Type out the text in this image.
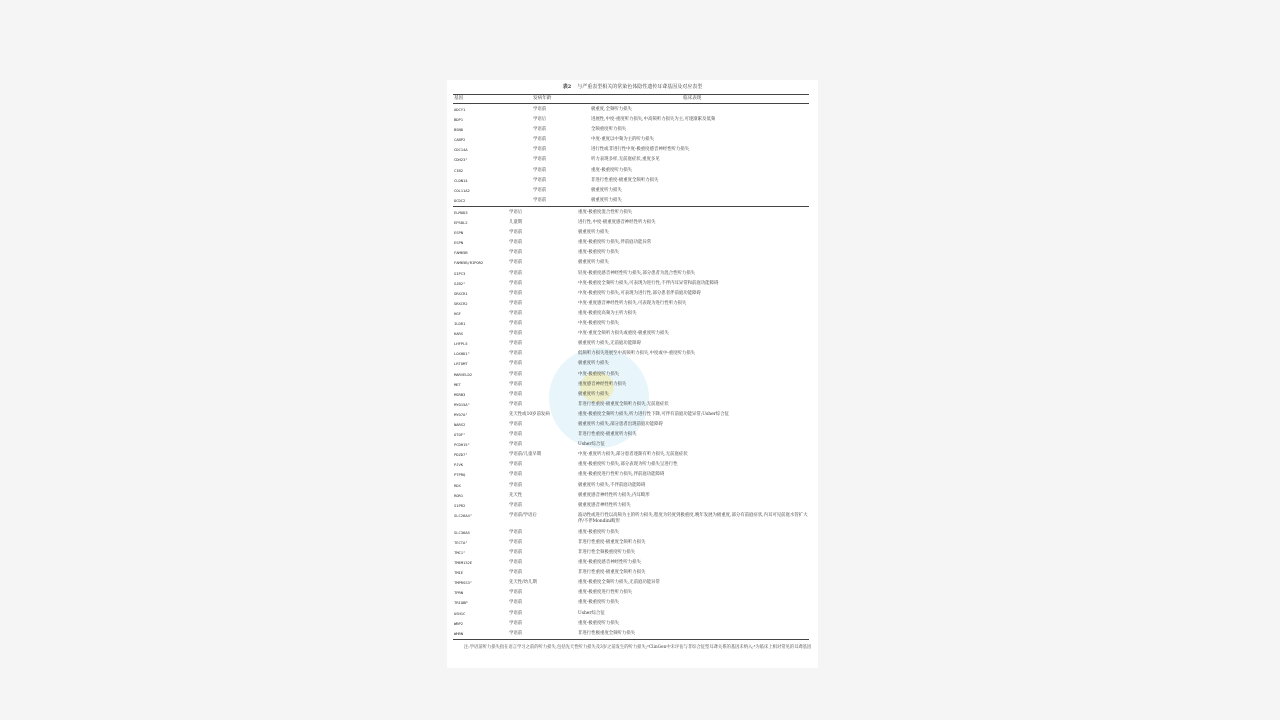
表2 与严重表型相关的常染色体隐性遗传耳聋基因及对应表型
基因	发病年龄	临床表现
ADCY1	学语前	极重度,全频听力损失
BDP1	学语后	进展性,中度-重度听力损失,中高频听力损失为主,可逐渐累及低频
BSND	学语前	全频重度听力损失
CABP2	学语前	中度-重度以中频为主的听力损失
CDC14A	学语前	进行性或非进行性中度-极重度感音神经性听力损失
CDH23ᵃ	学语前	听力表现多样,无前庭症状,重度多见
CIB2	学语前	重度-极重度听力损失
CLDN14	学语前	非进行性重度-极重度全频听力损失
COL11A2	学语前	极重度听力损失
DCDC2	学语前	极重度听力损失
ELMOD3	学语后	重度-极重度混合性听力损失
EPS8L2	儿童期	进行性,中度-极重度感音神经性听力损失
ESPN	学语前	极重度听力损失
ESPN	学语前	重度-极重度听力损失,伴前庭功能异常
FAM65B	学语前	重度-极重度听力损失
FAM65B/RIPOR2	学语前	极重度听力损失
GIPC3	学语前	轻度-极重度感音神经性听力损失,部分患者为混合性听力损失
GJB2ᵃ	学语前	中度-极重度全频听力损失,可表现为进行性,不伴内耳异常和前庭功能障碍
GRXCR1	学语前	中度-极重度听力损失,可表现为进行性,部分患者伴前庭功能障碍
GRXCR2	学语前	中度-重度感音神经性听力损失,可表现为进行性听力损失
HGF	学语前	重度-极重度高频为主听力损失
ILDR1	学语前	中度-极重度听力损失
KARS	学语前	中度-重度全频听力损失或重度-极重度听力损失
LHFPL5	学语前	极重度听力损失,无前庭功能障碍
LOXHD1ᵃ	学语前	低频听力损失进展至中高频听力损失,中度或中-重度听力损失
LRTOMT	学语前	极重度听力损失
MARVELD2	学语前	中度-极重度听力损失
MET	学语前	重度感音神经性听力损失
MSRB3	学语前	极重度听力损失
MYO15Aᵃ	学语前	非进行性重度-极重度全频听力损失,无前庭症状
MYO7Aᵃ	先天性或10岁前发病	重度-极重度全频听力损失,听力进行性下降,可伴有前庭功能异常;Usher综合征
NARS2	学语前	极重度听力损失,部分患者出现前庭功能障碍
OTOFᵃ	学语前	非进行性重度-极重度听力损失
PCDH15ᵃ	学语前	Usher综合征
PDZD7ᵃ	学语前/儿童早期	中度-重度听力损失,部分患者逐渐有听力损失,无前庭症状
PJVK	学语前	重度-极重度听力损失,部分表现为听力损失呈进行性
PTPRQ	学语前	重度-极重度进行性听力损失,伴前庭功能障碍
RDX	学语前	极重度听力损失,不伴前庭功能障碍
ROR1	先天性	极重度感音神经性听力损失,内耳畸形
S1PR2	学语前	极重度感音神经性听力损失
SLC26A4ᵃ	学语前/学语后	波动性或进行性以高频为主的听力损失,程度为轻度到极重度,晚年发展为极重度,部分有前庭症状,内耳可见前庭水管扩大伴/不伴Mondini畸形
SLC36A5	学语前	重度-极重度听力损失
TECTAᵃ	学语前	非进行性重度-极重度全频听力损失
TMC1ᵃ	学语前	非进行性全频极重度听力损失
TMEM132E	学语前	重度-极重度感音神经性听力损失
TMIE	学语前	非进行性重度-极重度全频听力损失
TMPRSS3ᵃ	先天性/幼儿期	重度-极重度全频听力损失,无前庭功能异常
TPRN	学语前	重度-极重度进行性听力损失
TRIOBP	学语前	重度-极重度听力损失
USH1C	学语前	Usher综合征
WBP2	学语前	重度-极重度听力损失
WHRN	学语前	非进行性极重度全频听力损失
注:学语前听力损失指在语言学习之前的听力损失,包括先天性听力损失及3岁之前发生的听力损失;ᵃClinGen中未评估与非综合征型耳聋关系的基因未纳入;ᵃ为临床上相对常见的耳聋基因
